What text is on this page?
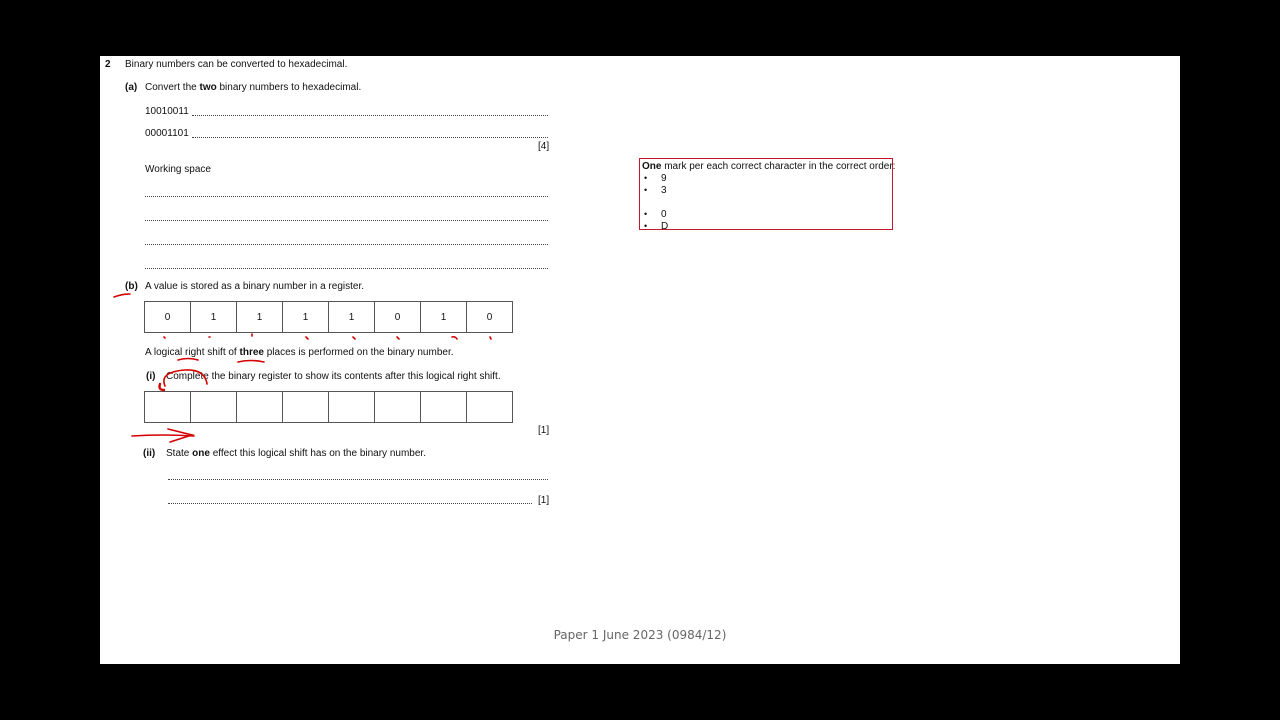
2 Binary numbers can be converted to hexadecimal.
(a) Convert the two binary numbers to hexadecimal.
10010011
00001101
[4]
Working space
(b) A value is stored as a binary number in a register.
0	1	1	1	1	0	1	0
A logical right shift of three places is performed on the binary number.
(i) Complete the binary register to show its contents after this logical right shift.
[1]
(ii) State one effect this logical shift has on the binary number.
[1]
One mark per each correct character in the correct order:
• 9
• 3
• 0
• D
Paper 1 June 2023 (0984/12)
